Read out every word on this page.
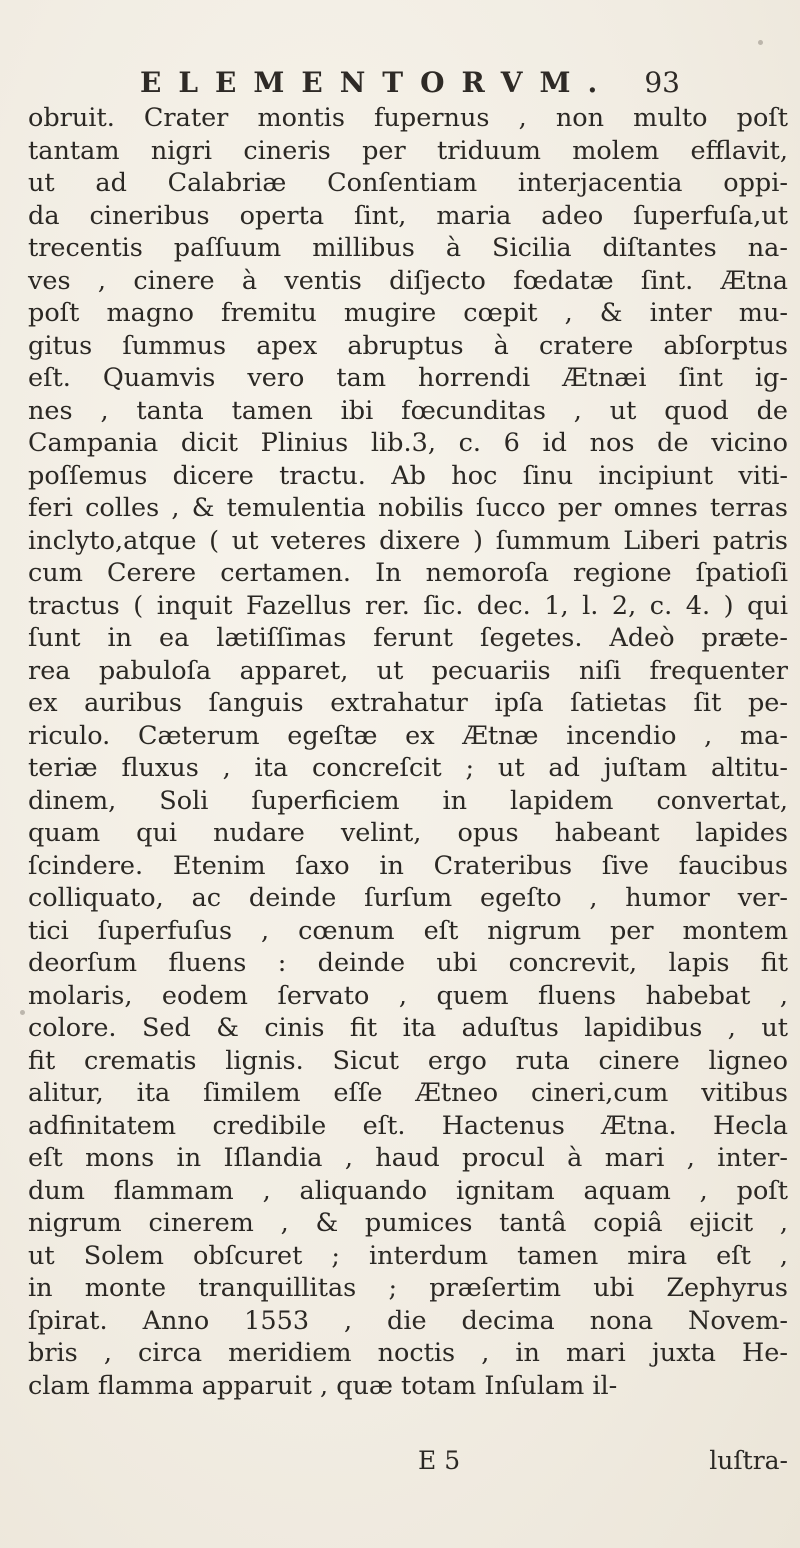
ELEMENTORVM. 93
obruit. Crater montis fupernus , non multo poſt
tantam nigri cineris per triduum molem efflavit,
ut ad Calabriæ Conſentiam interjacentia oppi-
da cineribus operta ſint, maria adeo ſuperfuſa,ut
trecentis paſſuum millibus à Sicilia diſtantes na-
ves , cinere à ventis diſjecto fœdatæ ſint. Ætna
poſt magno fremitu mugire cœpit , & inter mu-
gitus ſummus apex abruptus à cratere abſorptus
eſt. Quamvis vero tam horrendi Ætnæi ſint ig-
nes , tanta tamen ibi fœcunditas , ut quod de
Campania dicit Plinius lib.3, c. 6 id nos de vicino
poſſemus dicere tractu. Ab hoc ſinu incipiunt viti-
feri colles , & temulentia nobilis ſucco per omnes terras
inclyto,atque ( ut veteres dixere ) ſummum Liberi patris
cum Cerere certamen. In nemoroſa regione ſpatioſi
tractus ( inquit Fazellus rer. ſic. dec. 1, l. 2, c. 4. ) qui
ſunt in ea lætiſſimas ferunt ſegetes. Adeò præte-
rea pabuloſa apparet, ut pecuariis niſi frequenter
ex auribus ſanguis extrahatur ipſa ſatietas ſit pe-
riculo. Cæterum egeſtæ ex Ætnæ incendio , ma-
teriæ fluxus , ita concreſcit ; ut ad juſtam altitu-
dinem, Soli ſuperficiem in lapidem convertat,
quam qui nudare velint, opus habeant lapides
ſcindere. Etenim ſaxo in Crateribus ſive faucibus
colliquato, ac deinde ſurſum egeſto , humor ver-
tici ſuperfuſus , cœnum eſt nigrum per montem
deorſum fluens : deinde ubi concrevit, lapis fit
molaris, eodem ſervato , quem fluens habebat ,
colore. Sed & cinis fit ita aduſtus lapidibus , ut
fit crematis lignis. Sicut ergo ruta cinere ligneo
alitur, ita ſimilem eſſe Ætneo cineri,cum vitibus
adfinitatem credibile eſt. Hactenus Ætna. Hecla
eſt mons in Iſlandia , haud procul à mari , inter-
dum flammam , aliquando ignitam aquam , poſt
nigrum cinerem , & pumices tantâ copiâ ejicit ,
ut Solem obſcuret ; interdum tamen mira eſt ,
in monte tranquillitas ; præſertim ubi Zephyrus
ſpirat. Anno 1553 , die decima nona Novem-
bris , circa meridiem noctis , in mari juxta He-
clam flamma apparuit , quæ totam Inſulam il-
E 5	luſtra-
